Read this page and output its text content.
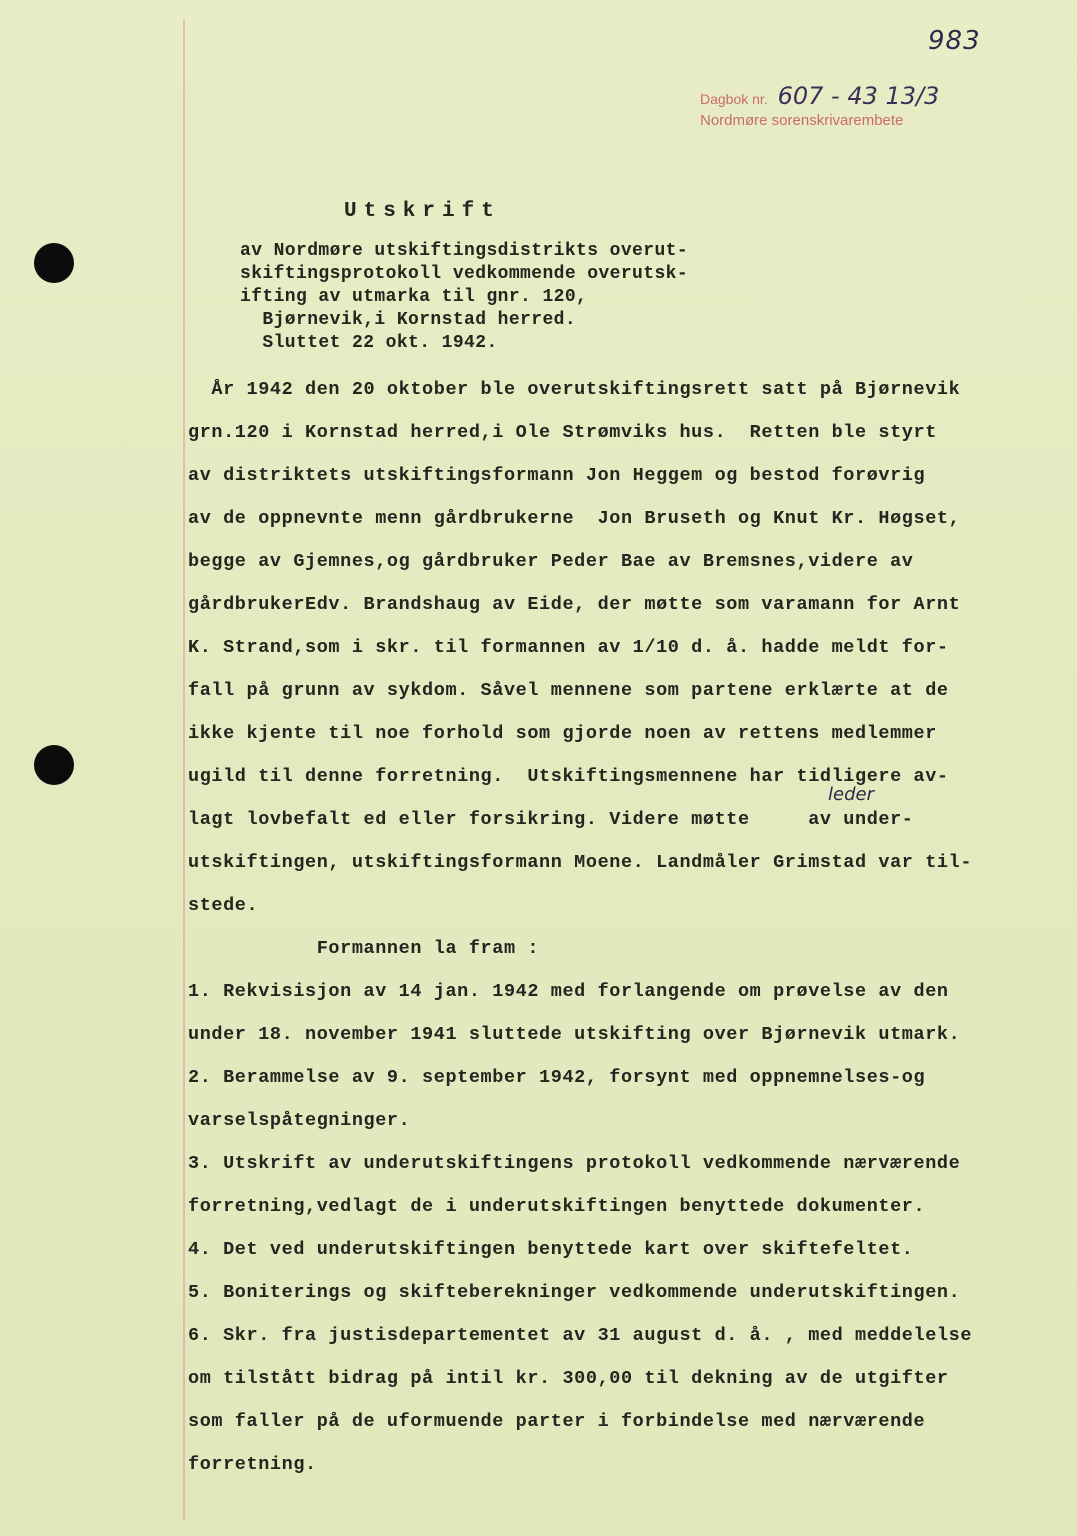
983
Dagbok nr. 607 - 43 13/3
Nordmøre sorenskrivarembete
Utskrift
av Nordmøre utskiftingsdistrikts overut-
skiftingsprotokoll vedkommende overutsk-
ifting av utmarka til gnr. 120,
Bjørnevik,i Kornstad herred.
Sluttet 22 okt. 1942.
År 1942 den 20 oktober ble overutskiftingsrett satt på Bjørnevik
grn.120 i Kornstad herred,i Ole Strømviks hus.  Retten ble styrt
av distriktets utskiftingsformann Jon Heggem og bestod forøvrig
av de oppnevnte menn gårdbrukerne  Jon Bruseth og Knut Kr. Høgset,
begge av Gjemnes,og gårdbruker Peder Bae av Bremsnes,videre av
gårdbrukerEdv. Brandshaug av Eide, der møtte som varamann for Arnt
K. Strand,som i skr. til formannen av 1/10 d. å. hadde meldt for-
fall på grunn av sykdom. Såvel mennene som partene erklærte at de
ikke kjente til noe forhold som gjorde noen av rettens medlemmer
ugild til denne forretning.  Utskiftingsmennene har tidligere av-
lagt lovbefalt ed eller forsikring. Videre møtte     av under-
utskiftingen, utskiftingsformann Moene. Landmåler Grimstad var til-
stede.
Formannen la fram :
1. Rekvisisjon av 14 jan. 1942 med forlangende om prøvelse av den
under 18. november 1941 sluttede utskifting over Bjørnevik utmark.
2. Berammelse av 9. september 1942, forsynt med oppnemnelses-og
varselspåtegninger.
3. Utskrift av underutskiftingens protokoll vedkommende nærværende
forretning,vedlagt de i underutskiftingen benyttede dokumenter.
4. Det ved underutskiftingen benyttede kart over skiftefeltet.
5. Boniterings og skifteberekninger vedkommende underutskiftingen.
6. Skr. fra justisdepartementet av 31 august d. å. , med meddelelse
om tilstått bidrag på intil kr. 300,00 til dekning av de utgifter
som faller på de uformuende parter i forbindelse med nærværende
forretning.
leder
